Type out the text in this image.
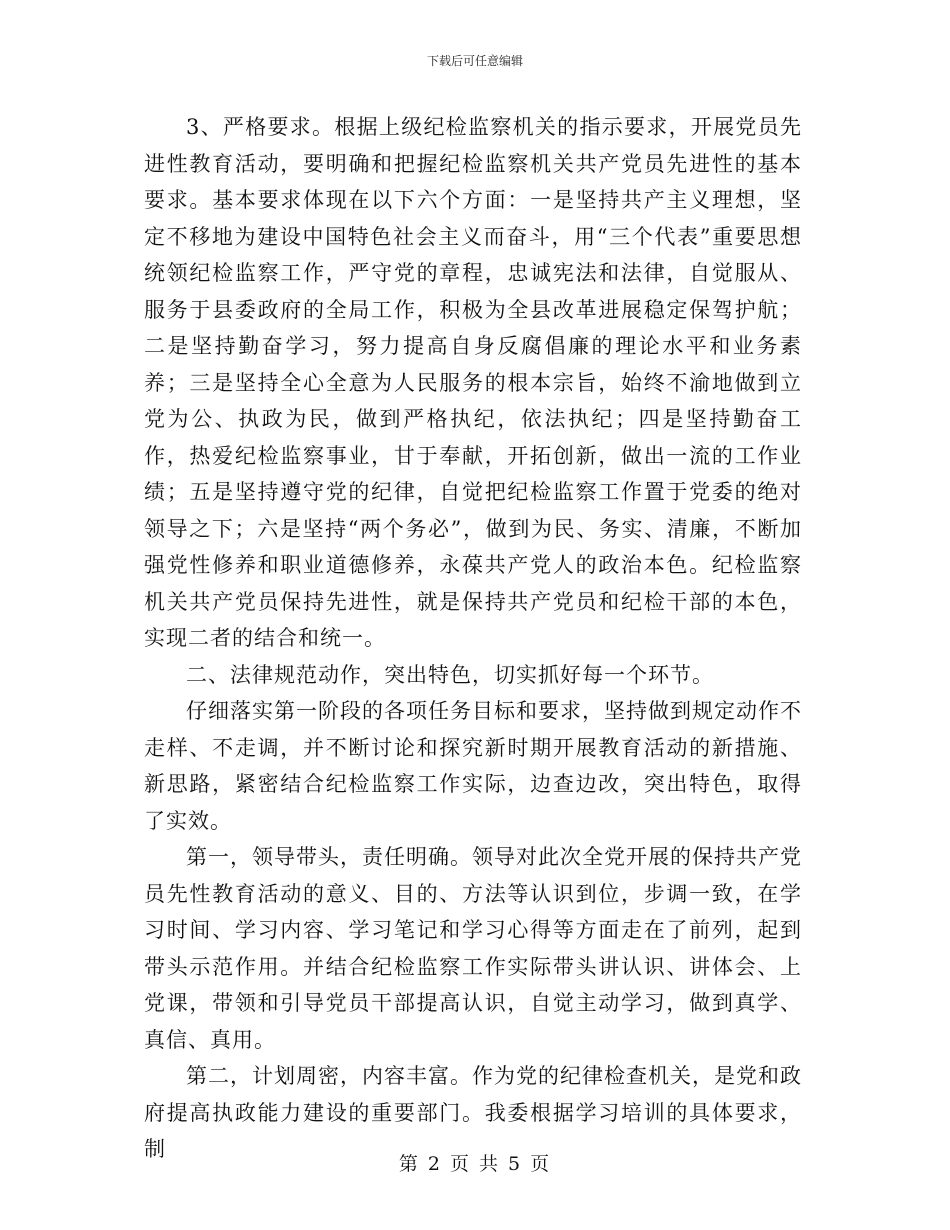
下载后可任意编辑

3、严格要求。根据上级纪检监察机关的指示要求，开展党员先进性教育活动，要明确和把握纪检监察机关共产党员先进性的基本要求。基本要求体现在以下六个方面：一是坚持共产主义理想，坚定不移地为建设中国特色社会主义而奋斗，用“三个代表”重要思想统领纪检监察工作，严守党的章程，忠诚宪法和法律，自觉服从、服务于县委政府的全局工作，积极为全县改革进展稳定保驾护航；二是坚持勤奋学习，努力提高自身反腐倡廉的理论水平和业务素养；三是坚持全心全意为人民服务的根本宗旨，始终不渝地做到立党为公、执政为民，做到严格执纪，依法执纪；四是坚持勤奋工作，热爱纪检监察事业，甘于奉献，开拓创新，做出一流的工作业绩；五是坚持遵守党的纪律，自觉把纪检监察工作置于党委的绝对领导之下；六是坚持“两个务必”，做到为民、务实、清廉，不断加强党性修养和职业道德修养，永葆共产党人的政治本色。纪检监察机关共产党员保持先进性，就是保持共产党员和纪检干部的本色，实现二者的结合和统一。

二、法律规范动作，突出特色，切实抓好每一个环节。

仔细落实第一阶段的各项任务目标和要求，坚持做到规定动作不走样、不走调，并不断讨论和探究新时期开展教育活动的新措施、新思路，紧密结合纪检监察工作实际，边查边改，突出特色，取得了实效。

第一，领导带头，责任明确。领导对此次全党开展的保持共产党员先性教育活动的意义、目的、方法等认识到位，步调一致，在学习时间、学习内容、学习笔记和学习心得等方面走在了前列，起到带头示范作用。并结合纪检监察工作实际带头讲认识、讲体会、上党课，带领和引导党员干部提高认识，自觉主动学习，做到真学、真信、真用。

第二，计划周密，内容丰富。作为党的纪律检查机关，是党和政府提高执政能力建设的重要部门。我委根据学习培训的具体要求，制

第 2 页 共 5 页
